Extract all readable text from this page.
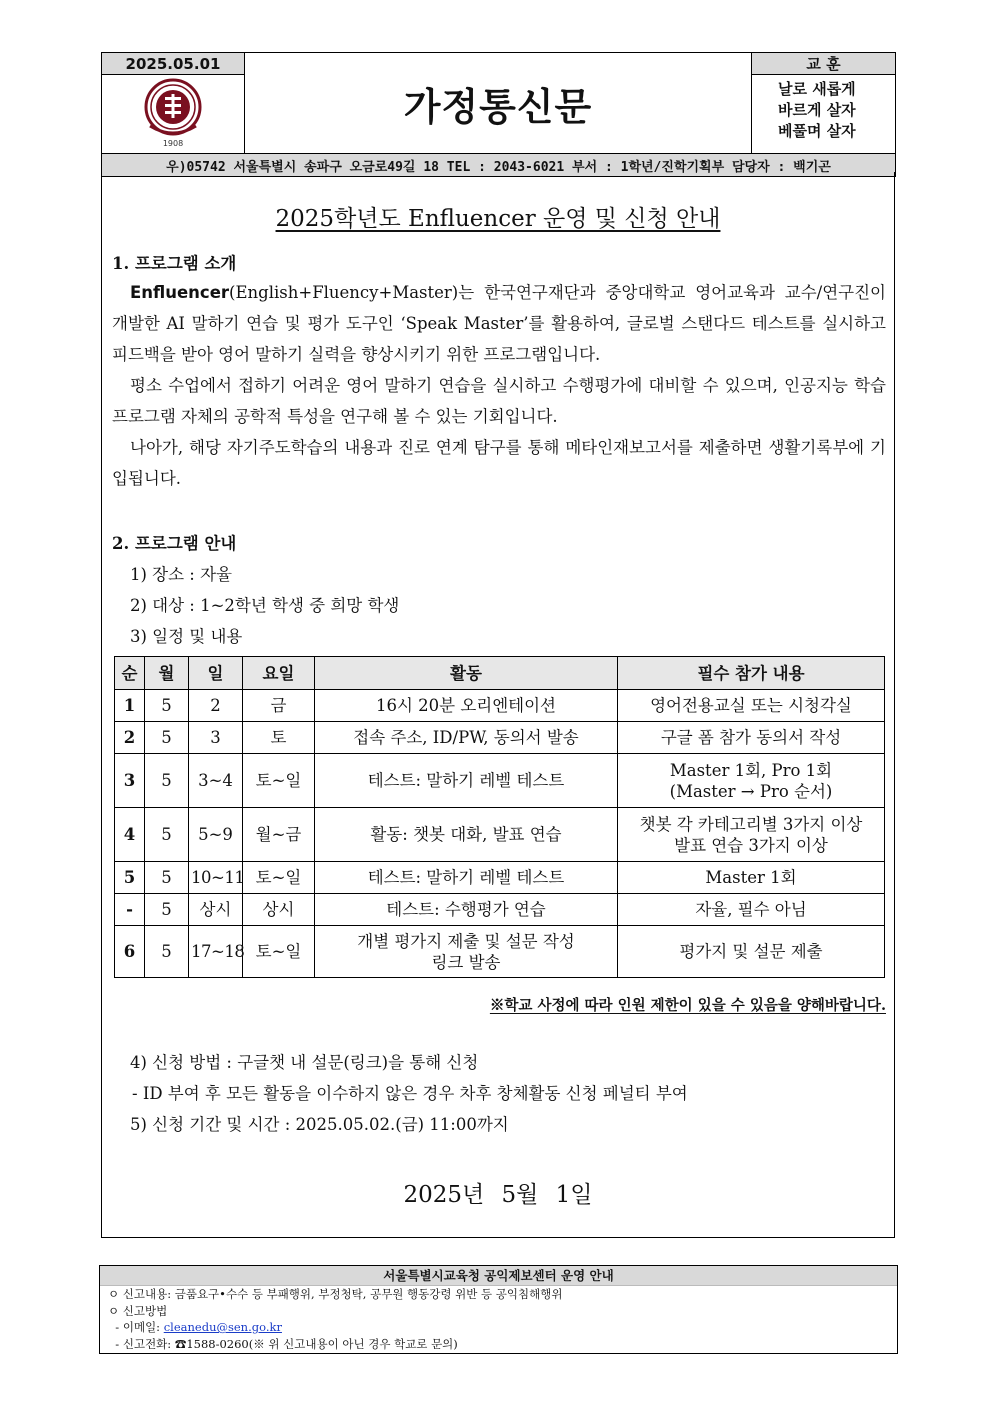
2025.05.01	가정통신문	교 훈

1908		날로 새롭게
바르게 살자
베풀며 살자

우)05742 서울특별시 송파구 오금로49길 18 TEL : 2043-6021 부서 : 1학년/진학기획부 담당자 : 백기곤		
2025학년도 Enfluencer 운영 및 신청 안내
1. 프로그램 소개
Enfluencer(English+Fluency+Master)는 한국연구재단과 중앙대학교 영어교육과 교수/연구진이 개발한 AI 말하기 연습 및 평가 도구인 ‘Speak Master’를 활용하여, 글로벌 스탠다드 테스트를 실시하고 피드백을 받아 영어 말하기 실력을 향상시키기 위한 프로그램입니다.
평소 수업에서 접하기 어려운 영어 말하기 연습을 실시하고 수행평가에 대비할 수 있으며, 인공지능 학습 프로그램 자체의 공학적 특성을 연구해 볼 수 있는 기회입니다.
나아가, 해당 자기주도학습의 내용과 진로 연계 탐구를 통해 메타인재보고서를 제출하면 생활기록부에 기입됩니다.
2. 프로그램 안내
1) 장소 : 자율
2) 대상 : 1~2학년 학생 중 희망 학생
3) 일정 및 내용
순	월	일	요일	활동	필수 참가 내용
1	5	2	금	16시 20분 오리엔테이션	영어전용교실 또는 시청각실
2	5	3	토	접속 주소, ID/PW, 동의서 발송	구글 폼 참가 동의서 작성
3	5	3~4	토~일	테스트: 말하기 레벨 테스트	Master 1회, Pro 1회
(Master → Pro 순서)
4	5	5~9	월~금	활동: 챗봇 대화, 발표 연습	챗봇 각 카테고리별 3가지 이상
발표 연습 3가지 이상
5	5	10~11	토~일	테스트: 말하기 레벨 테스트	Master 1회
-	5	상시	상시	테스트: 수행평가 연습	자율, 필수 아님
6	5	17~18	토~일	개별 평가지 제출 및 설문 작성
링크 발송	평가지 및 설문 제출
※학교 사정에 따라 인원 제한이 있을 수 있음을 양해바랍니다.
4) 신청 방법 : 구글챗 내 설문(링크)을 통해 신청
- ID 부여 후 모든 활동을 이수하지 않은 경우 차후 창체활동 신청 페널티 부여
5) 신청 기간 및 시간 : 2025.05.02.(금) 11:00까지
2025년 5월 1일
서울특별시교육청 공익제보센터 운영 안내
ㅇ 신고내용: 금품요구•수수 등 부패행위, 부정청탁, 공무원 행동강령 위반 등 공익침해행위
ㅇ 신고방법
- 이메일: cleanedu@sen.go.kr
- 신고전화: ☎1588-0260(※ 위 신고내용이 아닌 경우 학교로 문의)
